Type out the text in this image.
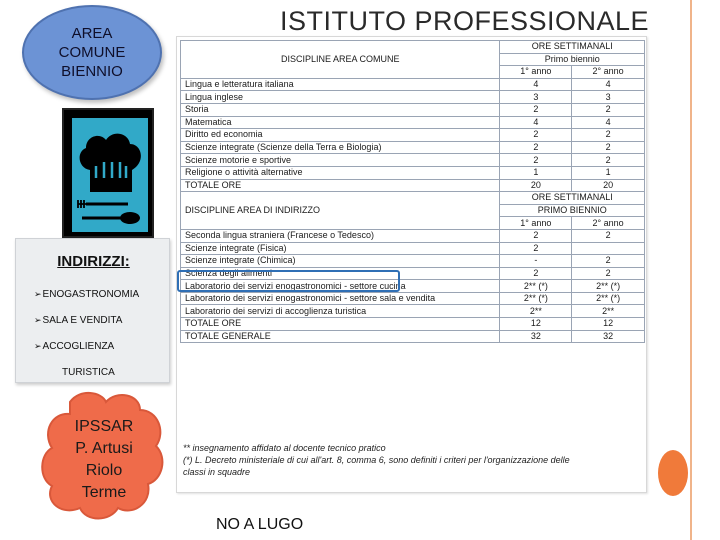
ISTITUTO PROFESSIONALE
AREA
COMUNE
BIENNIO
INDIRIZZI:
➢ENOGASTRONOMIA
➢SALA E VENDITA
➢ACCOGLIENZA
TURISTICA
IPSSAR
P. Artusi
Riolo
Terme
DISCIPLINE AREA COMUNE	ORE SETTIMANALI	
	Primo biennio	
	1° anno	2° anno
Lingua e letteratura italiana	4	4
Lingua inglese	3	3
Storia	2	2
Matematica	4	4
Diritto ed economia	2	2
Scienze integrate (Scienze della Terra e Biologia)	2	2
Scienze motorie e sportive	2	2
Religione o attività alternative	1	1
TOTALE ORE	20	20
DISCIPLINE AREA DI INDIRIZZO	ORE SETTIMANALI	
	PRIMO BIENNIO	
	1° anno	2° anno
Seconda lingua straniera (Francese o Tedesco)	2	2
Scienze integrate (Fisica)	2	
Scienze integrate (Chimica)	-	2
Scienza degli alimenti	2	2
Laboratorio dei servizi enogastronomici - settore cucina	2** (*)	2** (*)
Laboratorio dei servizi enogastronomici - settore sala e vendita	2** (*)	2** (*)
Laboratorio dei servizi di accoglienza turistica	2**	2**
TOTALE ORE	12	12
TOTALE GENERALE	32	32
** insegnamento affidato al docente tecnico pratico
(*) L. Decreto ministeriale di cui all'art. 8, comma 6, sono definiti i criteri per l'organizzazione delle
classi in squadre
NO A LUGO
